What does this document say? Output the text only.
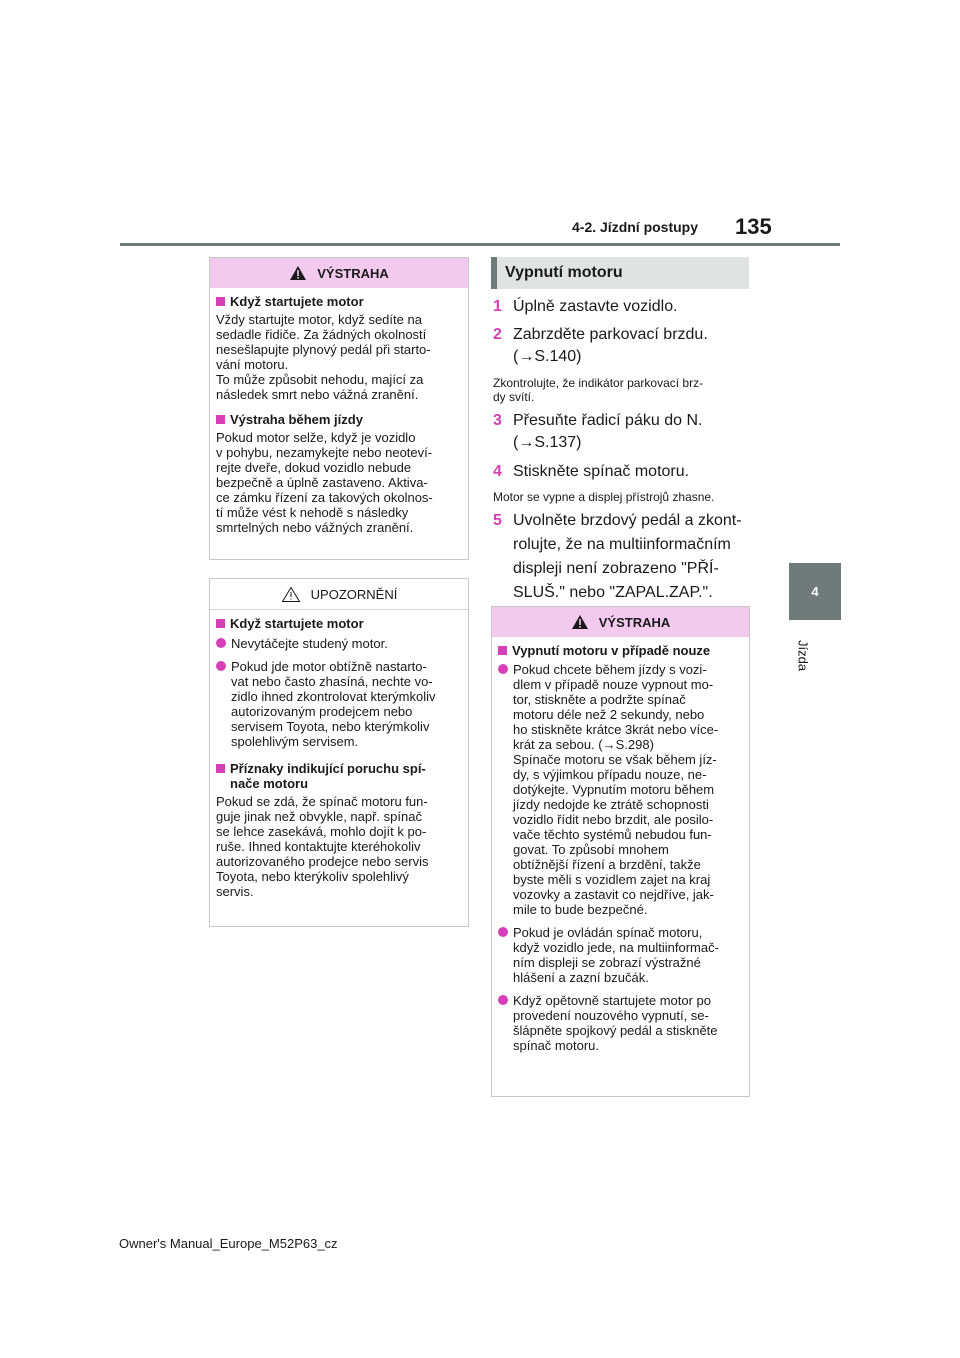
4-2. Jízdní postupy 135
4
Jízda
VÝSTRAHA
Když startujete motor
Vždy startujte motor, když sedíte na
sedadle řidiče. Za žádných okolností
nesešlapujte plynový pedál při starto-
vání motoru.
To může způsobit nehodu, mající za
následek smrt nebo vážná zranění.
Výstraha během jízdy
Pokud motor selže, když je vozidlo
v pohybu, nezamykejte nebo neoteví-
rejte dveře, dokud vozidlo nebude
bezpečně a úplně zastaveno. Aktiva-
ce zámku řízení za takových okolnos-
tí může vést k nehodě s následky
smrtelných nebo vážných zranění.
UPOZORNĚNÍ
Když startujete motor
Nevytáčejte studený motor.
Pokud jde motor obtížně nastarto-
vat nebo často zhasíná, nechte vo-
zidlo ihned zkontrolovat kterýmkoliv
autorizovaným prodejcem nebo
servisem Toyota, nebo kterýmkoliv
spolehlivým servisem.
Příznaky indikující poruchu spí-
nače motoru
Pokud se zdá, že spínač motoru fun-
guje jinak než obvykle, např. spínač
se lehce zasekává, mohlo dojít k po-
ruše. Ihned kontaktujte kteréhokoliv
autorizovaného prodejce nebo servis
Toyota, nebo kterýkoliv spolehlivý
servis.
Vypnutí motoru
1 Úplně zastavte vozidlo.
2 Zabrzděte parkovací brzdu.
(→S.140)
Zkontrolujte, že indikátor parkovací brz-
dy svítí.
3 Přesuňte řadicí páku do N.
(→S.137)
4 Stiskněte spínač motoru.
Motor se vypne a displej přístrojů zhasne.
5 Uvolněte brzdový pedál a zkont-
rolujte, že na multiinformačním
displeji není zobrazeno "PŘÍ-
SLUŠ." nebo "ZAPAL.ZAP.".
VÝSTRAHA
Vypnutí motoru v případě nouze
Pokud chcete během jízdy s vozi-
dlem v případě nouze vypnout mo-
tor, stiskněte a podržte spínač
motoru déle než 2 sekundy, nebo
ho stiskněte krátce 3krát nebo více-
krát za sebou. (→S.298)
Spínače motoru se však během jíz-
dy, s výjimkou případu nouze, ne-
dotýkejte. Vypnutím motoru během
jízdy nedojde ke ztrátě schopnosti
vozidlo řídit nebo brzdit, ale posilo-
vače těchto systémů nebudou fun-
govat. To způsobí mnohem
obtížnější řízení a brzdění, takže
byste měli s vozidlem zajet na kraj
vozovky a zastavit co nejdříve, jak-
mile to bude bezpečné.
Pokud je ovládán spínač motoru,
když vozidlo jede, na multiinformač-
ním displeji se zobrazí výstražné
hlášení a zazní bzučák.
Když opětovně startujete motor po
provedení nouzového vypnutí, se-
šlápněte spojkový pedál a stiskněte
spínač motoru.
Owner's Manual_Europe_M52P63_cz
